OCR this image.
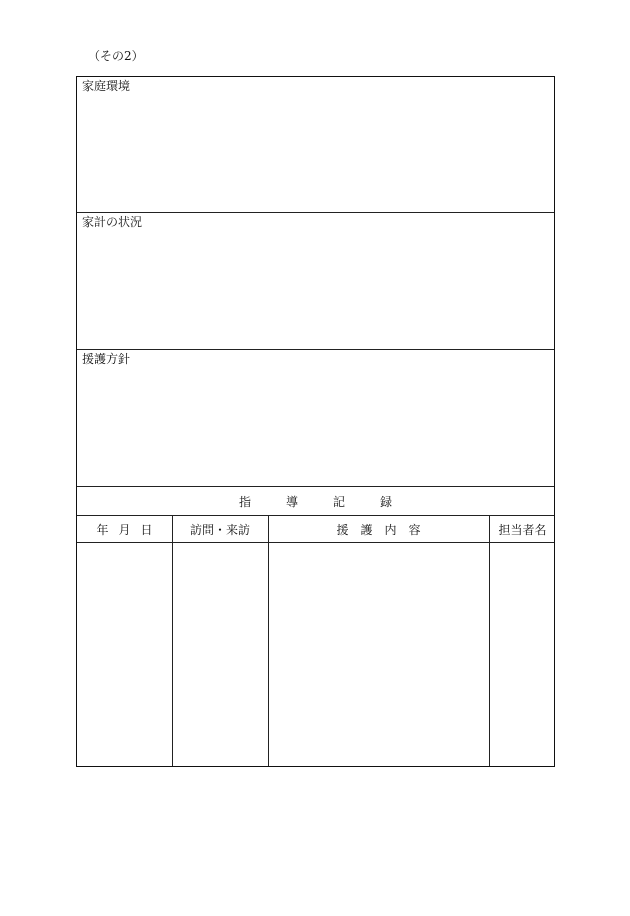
（その2）
家庭環境
家計の状況
援護方針
指導記録
年月日 訪問・来訪	援護内容	担当者名
